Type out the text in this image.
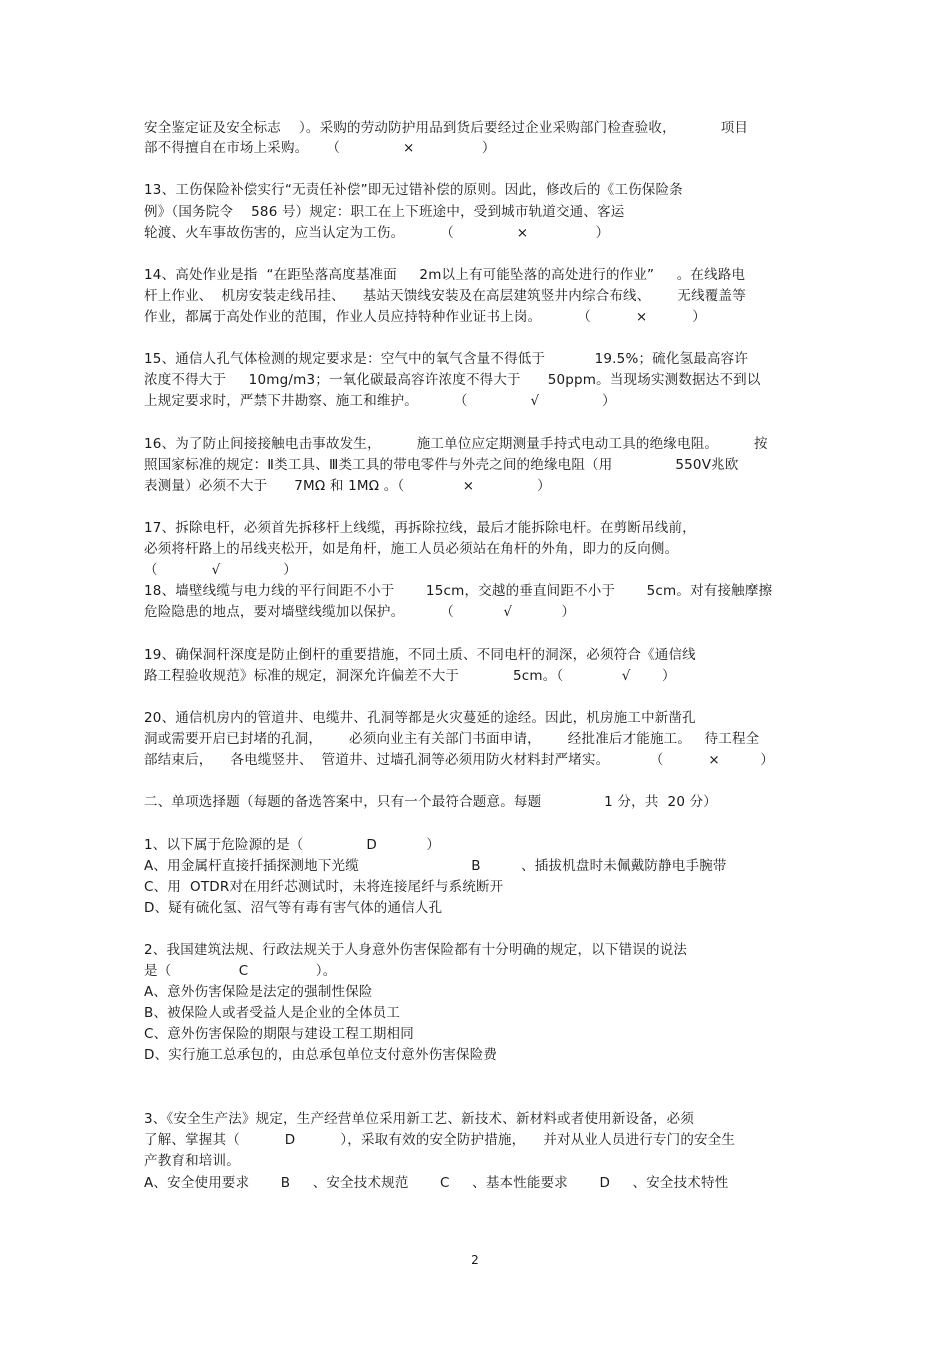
安全鉴定证及安全标志    ）。采购的劳动防护用品到货后要经过企业采购部门检查验收，          项目
部不得擅自在市场上采购。    （              ×               ）
13、工伤保险补偿实行“无责任补偿”即无过错补偿的原则。因此，修改后的《工伤保险条
例》（国务院令    586 号）规定：职工在上下班途中，受到城市轨道交通、客运
轮渡、火车事故伤害的，应当认定为工伤。        （              ×               ）
14、高处作业是指  “在距坠落高度基准面     2m以上有可能坠落的高处进行的作业”     。在线路电
杆上作业、  机房安装走线吊挂、    基站天馈线安装及在高层建筑竖井内综合布线、      无线覆盖等
作业，都属于高处作业的范围，作业人员应持特种作业证书上岗。        （          ×          ）
15、通信人孔气体检测的规定要求是：空气中的氧气含量不得低于           19.5%；硫化氢最高容许
浓度不得大于     10mg/m3；一氧化碳最高容许浓度不得大于      50ppm。当现场实测数据达不到以
上规定要求时，严禁下井勘察、施工和维护。        （              √              ）
16、为了防止间接接触电击事故发生，        施工单位应定期测量手持式电动工具的绝缘电阻。        按
照国家标准的规定：Ⅱ类工具、Ⅲ类工具的带电零件与外壳之间的绝缘电阻（用              550V兆欧
表测量）必须不大于      7MΩ 和 1MΩ 。（             ×              ）
17、拆除电杆，必须首先拆移杆上线缆，再拆除拉线，最后才能拆除电杆。在剪断吊线前，
必须将杆路上的吊线夹松开，如是角杆，施工人员必须站在角杆的外角，即力的反向侧。
（            √              ）
18、墙壁线缆与电力线的平行间距不小于       15cm，交越的垂直间距不小于       5cm。对有接触摩擦
危险隐患的地点，要对墙壁线缆加以保护。        （           √           ）
19、确保洞杆深度是防止倒杆的重要措施，不同土质、不同电杆的洞深，必须符合《通信线
路工程验收规范》标准的规定，洞深允许偏差不大于            5cm。（             √       ）
20、通信机房内的管道井、电缆井、孔洞等都是火灾蔓延的途经。因此，机房施工中新凿孔
洞或需要开启已封堵的孔洞，      必须向业主有关部门书面申请，      经批准后才能施工。   待工程全
部结束后，    各电缆竖井、  管道井、过墙孔洞等必须用防火材料封严堵实。         （          ×         ）
二、单项选择题（每题的备选答案中，只有一个最符合题意。每题              1 分，共  20 分）
1、以下属于危险源的是（              D           ）
A、用金属杆直接扦插探测地下光缆                         B         、插拔机盘时未佩戴防静电手腕带
C、用  OTDR对在用纤芯测试时，未将连接尾纤与系统断开
D、疑有硫化氢、沼气等有毒有害气体的通信人孔
2、我国建筑法规、行政法规关于人身意外伤害保险都有十分明确的规定，以下错误的说法
是（               C               ）。
A、意外伤害保险是法定的强制性保险
B、被保险人或者受益人是企业的全体员工
C、意外伤害保险的期限与建设工程工期相同
D、实行施工总承包的，由总承包单位支付意外伤害保险费
3、《安全生产法》规定，生产经营单位采用新工艺、新技术、新材料或者使用新设备，必须
了解、掌握其（          D          ），采取有效的安全防护措施，    并对从业人员进行专门的安全生
产教育和培训。
A、安全使用要求       B     、安全技术规范       C     、基本性能要求       D     、安全技术特性
2
